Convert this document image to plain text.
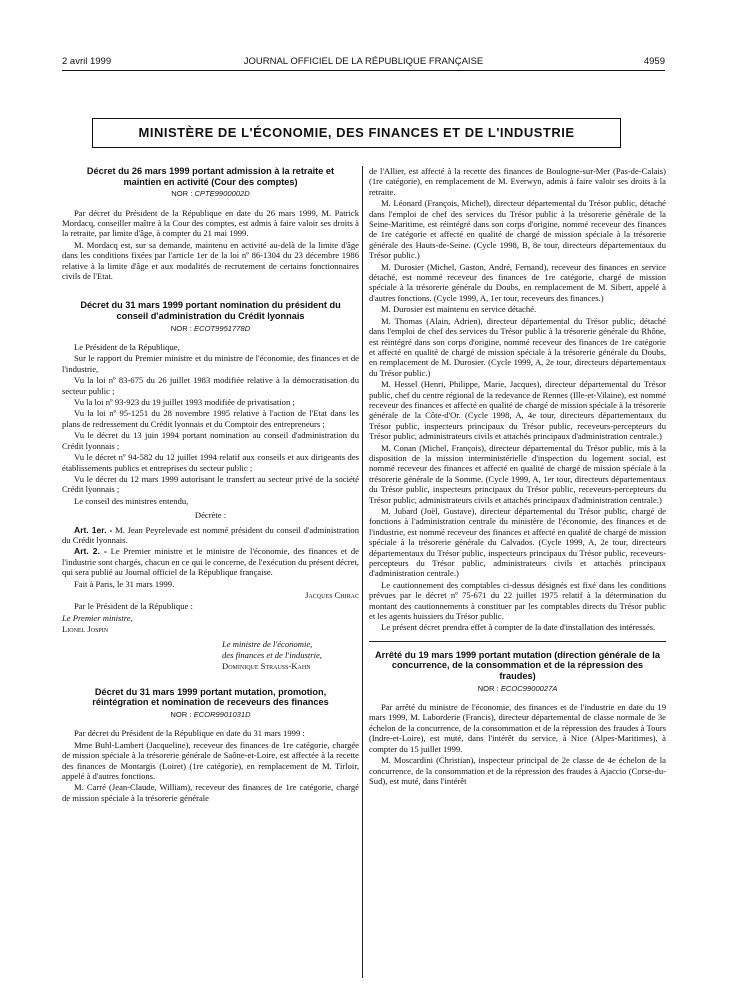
2 avril 1999	JOURNAL OFFICIEL DE LA RÉPUBLIQUE FRANÇAISE	4959
MINISTÈRE DE L'ÉCONOMIE, DES FINANCES ET DE L'INDUSTRIE
Décret du 26 mars 1999 portant admission à la retraite et maintien en activité (Cour des comptes)
NOR : CPTE9900002D

Par décret du Président de la République en date du 26 mars 1999, M. Patrick Mordacq, conseiller maître à la Cour des comptes, est admis à faire valoir ses droits à la retraite, par limite d'âge, à compter du 21 mai 1999.

M. Mordacq est, sur sa demande, maintenu en activité au-delà de la limite d'âge dans les conditions fixées par l'article 1er de la loi nº 86-1304 du 23 décembre 1986 relative à la limite d'âge et aux modalités de recrutement de certains fonctionnaires civils de l'Etat.

Décret du 31 mars 1999 portant nomination du président du conseil d'administration du Crédit lyonnais
NOR : ECOT9951778D

Le Président de la République,

Sur le rapport du Premier ministre et du ministre de l'économie, des finances et de l'industrie,

Vu la loi nº 83-675 du 26 juillet 1983 modifiée relative à la démocratisation du secteur public ;

Vu la loi nº 93-923 du 19 juillet 1993 modifiée de privatisation ;

Vu la loi nº 95-1251 du 28 novembre 1995 relative à l'action de l'Etat dans les plans de redressement du Crédit lyonnais et du Comptoir des entrepreneurs ;

Vu le décret du 13 juin 1994 portant nomination au conseil d'administration du Crédit lyonnais ;

Vu le décret nº 94-582 du 12 juillet 1994 relatif aux conseils et aux dirigeants des établissements publics et entreprises du secteur public ;

Vu le décret du 12 mars 1999 autorisant le transfert au secteur privé de la société Crédit lyonnais ;

Le conseil des ministres entendu,

Décrète :

Art. 1er. - M. Jean Peyrelevade est nommé président du conseil d'administration du Crédit lyonnais.

Art. 2. - Le Premier ministre et le ministre de l'économie, des finances et de l'industrie sont chargés, chacun en ce qui le concerne, de l'exécution du présent décret, qui sera publié au Journal officiel de la République française.

Fait à Paris, le 31 mars 1999.

Jacques Chirac

Par le Président de la République :

Le Premier ministre,

Lionel Jospin

Le ministre de l'économie,

des finances et de l'industrie,

Dominique Strauss-Kahn

Décret du 31 mars 1999 portant mutation, promotion, réintégration et nomination de receveurs des finances
NOR : ECOR9901031D

Par décret du Président de la République en date du 31 mars 1999 :

Mme Buhl-Lambert (Jacqueline), receveur des finances de 1re catégorie, chargée de mission spéciale à la trésorerie générale de Saône-et-Loire, est affectée à la recette des finances de Montargis (Loiret) (1re catégorie), en remplacement de M. Tirloir, appelé à d'autres fonctions.

M. Carré (Jean-Claude, William), receveur des finances de 1re catégorie, chargé de mission spéciale à la trésorerie générale

de l'Allier, est affecté à la recette des finances de Boulogne-sur-Mer (Pas-de-Calais) (1re catégorie), en remplacement de M. Everwyn, admis à faire valoir ses droits à la retraite.

M. Léonard (François, Michel), directeur départemental du Trésor public, détaché dans l'emploi de chef des services du Trésor public à la trésorerie générale de la Seine-Maritime, est réintégré dans son corps d'origine, nommé receveur des finances de 1re catégorie et affecté en qualité de chargé de mission spéciale à la trésorerie générale des Hauts-de-Seine. (Cycle 1998, B, 8e tour, directeurs départementaux du Trésor public.)

M. Durosier (Michel, Gaston, André, Fernand), receveur des finances en service détaché, est nommé receveur des finances de 1re catégorie, chargé de mission spéciale à la trésorerie générale du Doubs, en remplacement de M. Sibert, appelé à d'autres fonctions. (Cycle 1999, A, 1er tour, receveurs des finances.)

M. Durosier est maintenu en service détaché.

M. Thomas (Alain, Adrien), directeur départemental du Trésor public, détaché dans l'emploi de chef des services du Trésor public à la trésorerie générale du Rhône, est réintégré dans son corps d'origine, nommé receveur des finances de 1re catégorie et affecté en qualité de chargé de mission spéciale à la trésorerie générale du Doubs, en remplacement de M. Durosier. (Cycle 1999, A, 2e tour, directeurs départementaux du Trésor public.)

M. Hessel (Henri, Philippe, Marie, Jacques), directeur départemental du Trésor public, chef du centre régional de la redevance de Rennes (Ille-et-Vilaine), est nommé receveur des finances et affecté en qualité de chargé de mission spéciale à la trésorerie générale de la Côte-d'Or. (Cycle 1998, A, 4e tour, directeurs départementaux du Trésor public, inspecteurs principaux du Trésor public, receveurs-percepteurs du Trésor public, administrateurs civils et attachés principaux d'administration centrale.)

M. Conan (Michel, François), directeur départemental du Trésor public, mis à la disposition de la mission interministérielle d'inspection du logement social, est nommé receveur des finances et affecté en qualité de chargé de mission spéciale à la trésorerie générale de la Somme. (Cycle 1999, A, 1er tour, directeurs départementaux du Trésor public, inspecteurs principaux du Trésor public, receveurs-percepteurs du Trésor public, administrateurs civils et attachés principaux d'administration centrale.)

M. Jubard (Joël, Gustave), directeur départemental du Trésor public, chargé de fonctions à l'administration centrale du ministère de l'économie, des finances et de l'industrie, est nommé receveur des finances et affecté en qualité de chargé de mission spéciale à la trésorerie générale du Calvados. (Cycle 1999, A, 2e tour, directeurs départementaux du Trésor public, inspecteurs principaux du Trésor public, receveurs-percepteurs du Trésor public, administrateurs civils et attachés principaux d'administration centrale.)

Le cautionnement des comptables ci-dessus désignés est fixé dans les conditions prévues par le décret nº 75-671 du 22 juillet 1975 relatif à la détermination du montant des cautionnements à constituer par les comptables directs du Trésor public et les agents huissiers du Trésor public.

Le présent décret prendra effet à compter de la date d'installation des intéressés.

Arrêté du 19 mars 1999 portant mutation (direction générale de la concurrence, de la consommation et de la répression des fraudes)
NOR : ECOC9900027A

Par arrêté du ministre de l'économie, des finances et de l'industrie en date du 19 mars 1999, M. Laborderie (Francis), directeur départemental de classe normale de 3e échelon de la concurrence, de la consommation et de la répression des fraudes à Tours (Indre-et-Loire), est muté, dans l'intérêt du service, à Nice (Alpes-Maritimes), à compter du 15 juillet 1999.

M. Moscardini (Christian), inspecteur principal de 2e classe de 4e échelon de la concurrence, de la consommation et de la répression des fraudes à Ajaccio (Corse-du-Sud), est muté, dans l'intérêt
